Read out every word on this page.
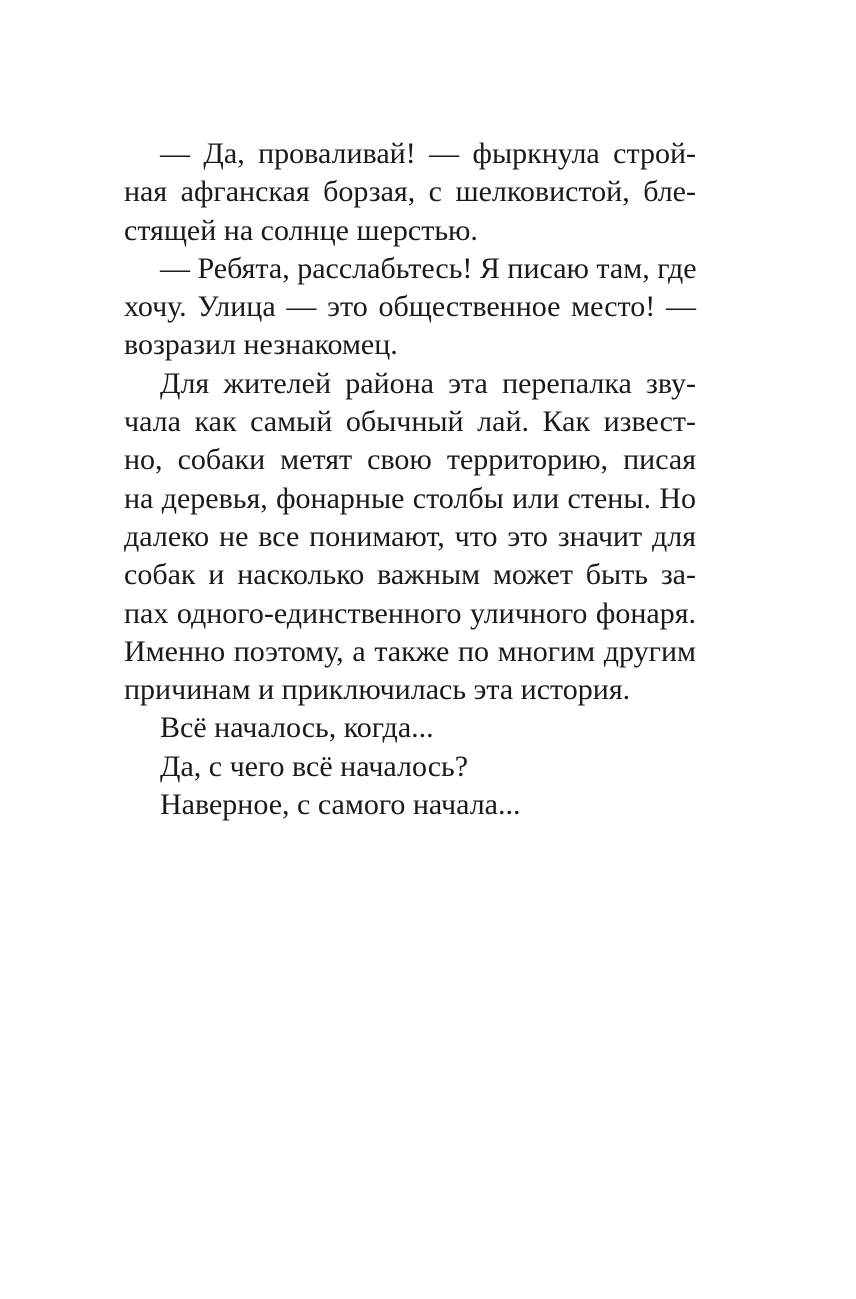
— Да, проваливай! — фыркнула строй-
ная афганская борзая, с шелковистой, бле-
стящей на солнце шерстью.
— Ребята, расслабьтесь! Я писаю там, где
хочу. Улица — это общественное место! —
возразил незнакомец.
Для жителей района эта перепалка зву-
чала как самый обычный лай. Как извест-
но, собаки метят свою территорию, писая
на деревья, фонарные столбы или стены. Но
далеко не все понимают, что это значит для
собак и насколько важным может быть за-
пах одного-единственного уличного фонаря.
Именно поэтому, а также по многим другим
причинам и приключилась эта история.
Всё началось, когда...
Да, с чего всё началось?
Наверное, с самого начала...
